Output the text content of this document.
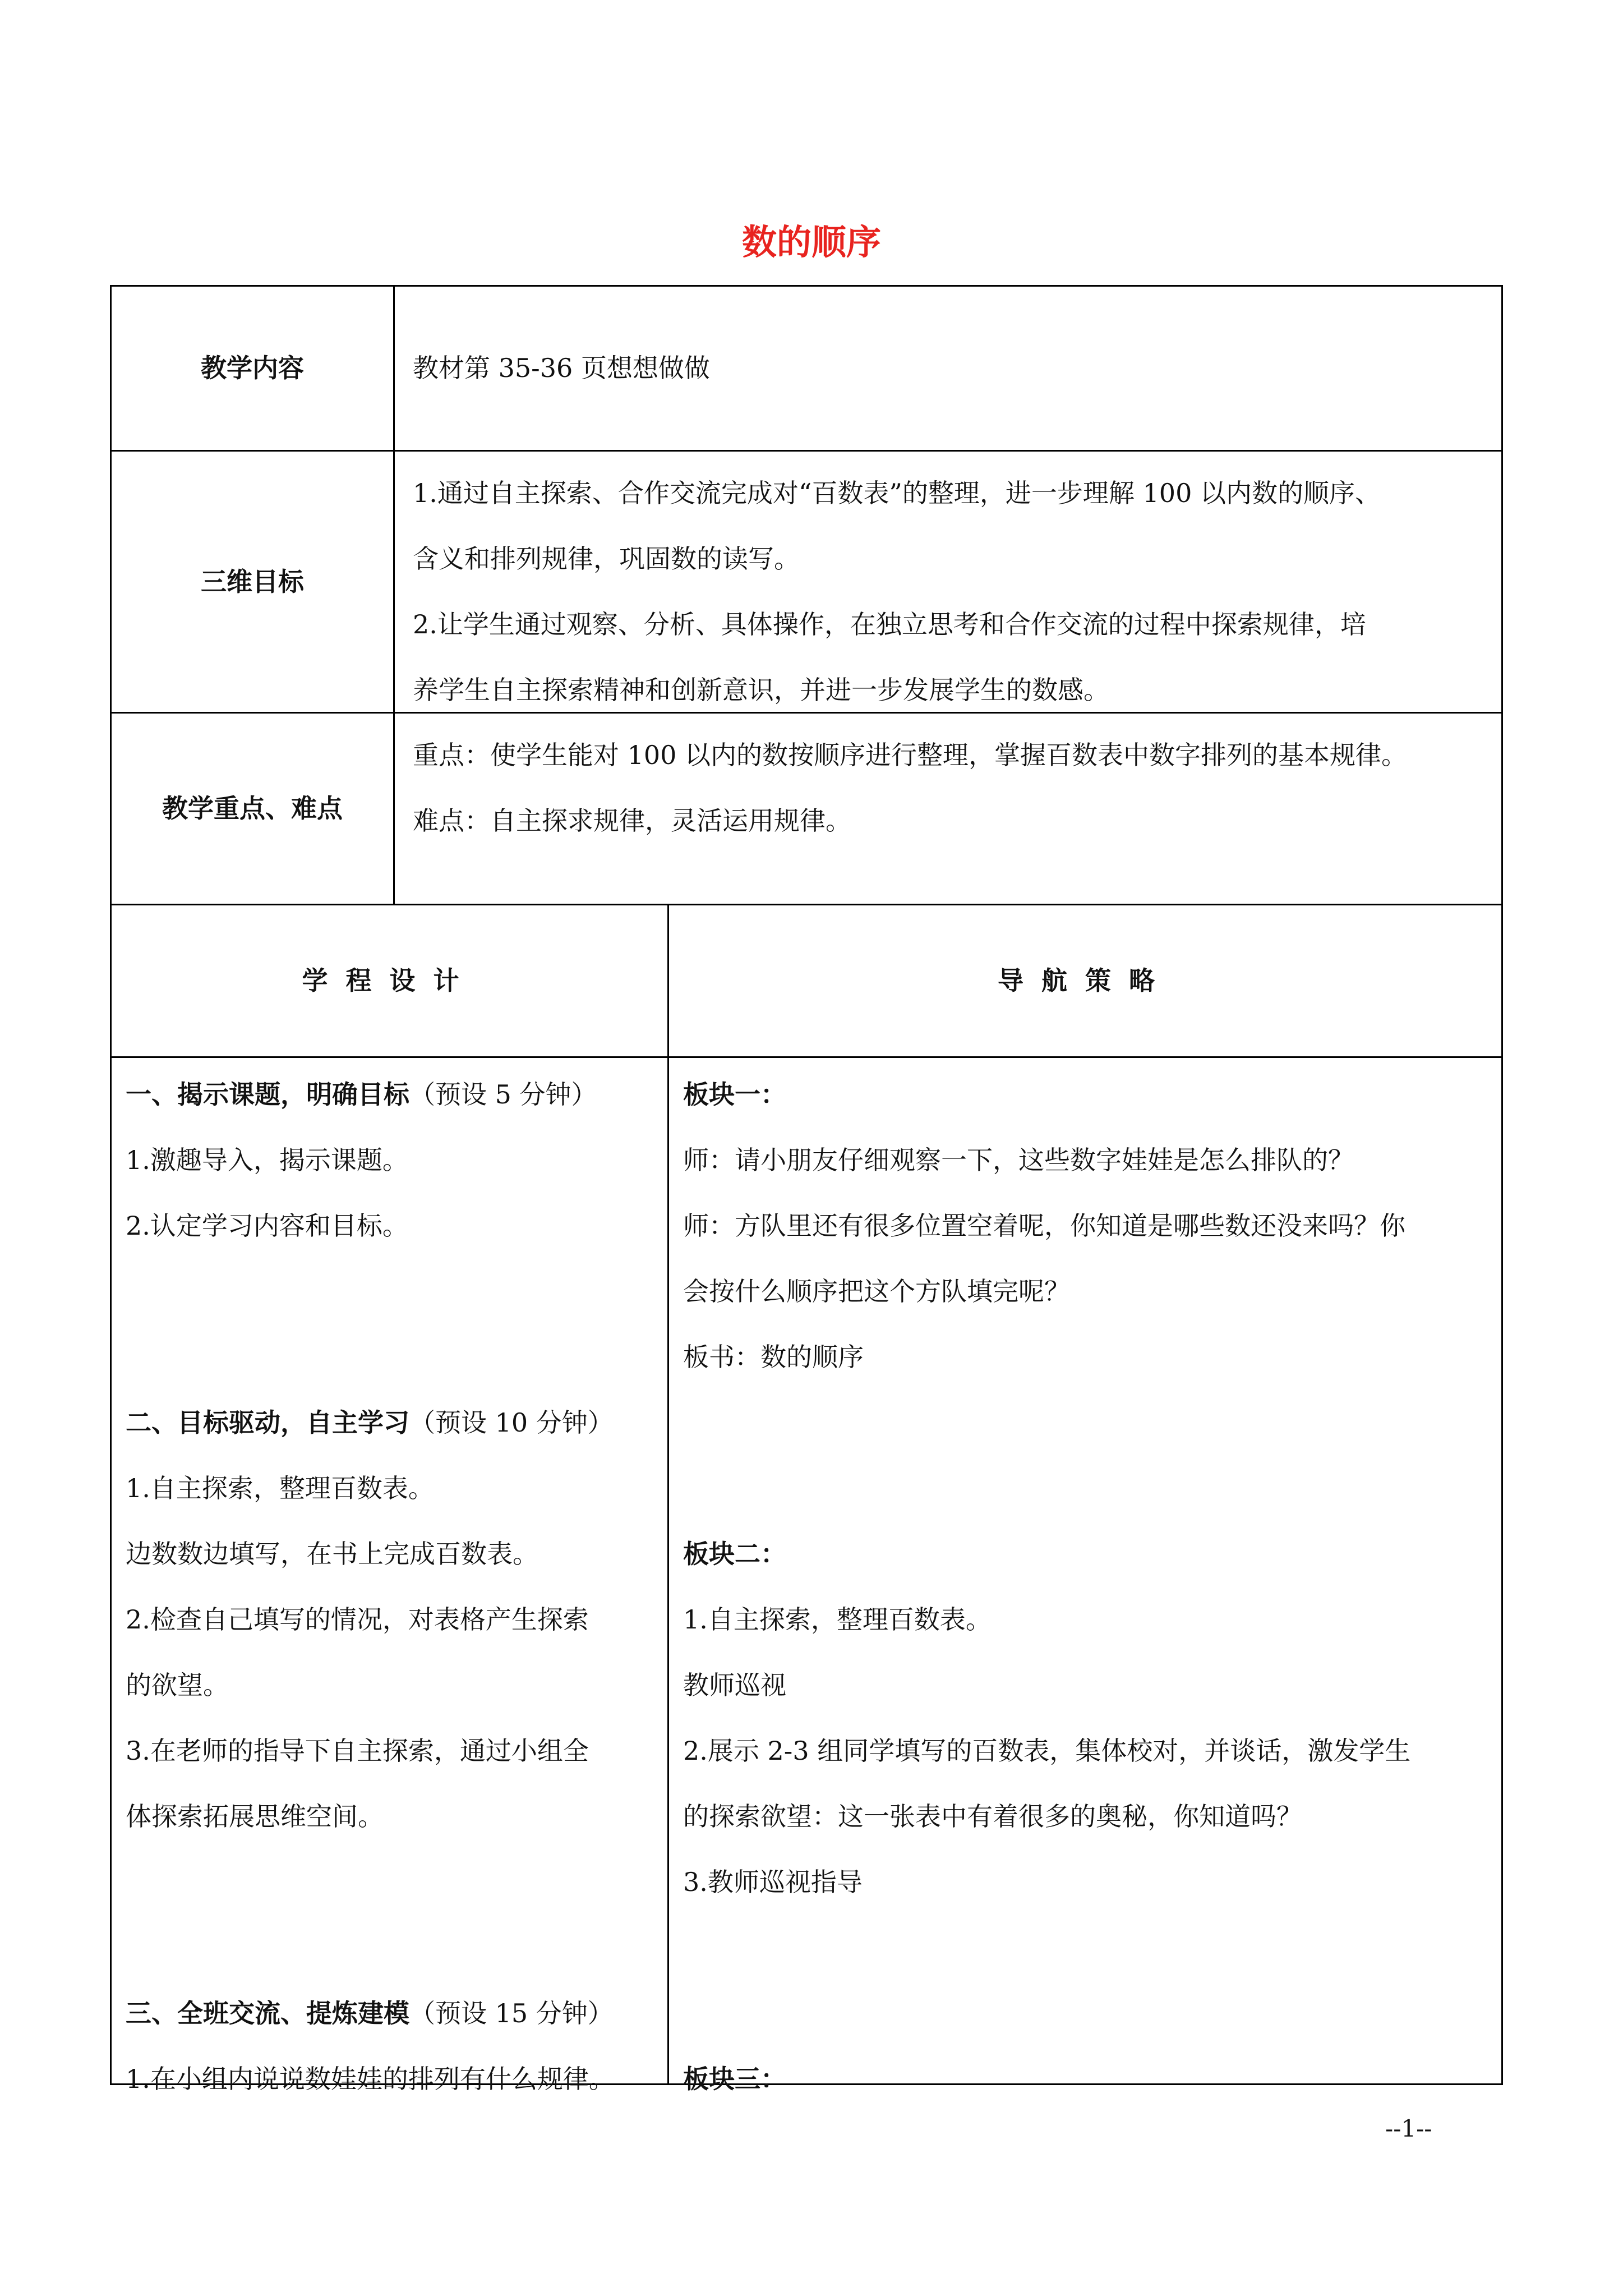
数的顺序
教学内容	教材第 35-36 页想想做做
三维目标
1.通过自主探索、合作交流完成对“百数表”的整理，进一步理解 100 以内数的顺序、
含义和排列规律，巩固数的读写。
2.让学生通过观察、分析、具体操作，在独立思考和合作交流的过程中探索规律，培
养学生自主探索精神和创新意识，并进一步发展学生的数感。
教学重点、难点
重点：使学生能对 100 以内的数按顺序进行整理，掌握百数表中数字排列的基本规律。
难点：自主探求规律，灵活运用规律。
学程设计	导航策略
一、揭示课题，明确目标（预设 5 分钟）
1.激趣导入，揭示课题。
2.认定学习内容和目标。
二、目标驱动，自主学习（预设 10 分钟）
1.自主探索，整理百数表。
边数数边填写，在书上完成百数表。
2.检查自己填写的情况，对表格产生探索
的欲望。
3.在老师的指导下自主探索，通过小组全
体探索拓展思维空间。
三、全班交流、提炼建模（预设 15 分钟）
1.在小组内说说数娃娃的排列有什么规律。
板块一：
师：请小朋友仔细观察一下，这些数字娃娃是怎么排队的？
师：方队里还有很多位置空着呢，你知道是哪些数还没来吗？你
会按什么顺序把这个方队填完呢？
板书：数的顺序
板块二：
1.自主探索，整理百数表。
教师巡视
2.展示 2-3 组同学填写的百数表，集体校对，并谈话，激发学生
的探索欲望：这一张表中有着很多的奥秘，你知道吗？
3.教师巡视指导
板块三：
--1--
